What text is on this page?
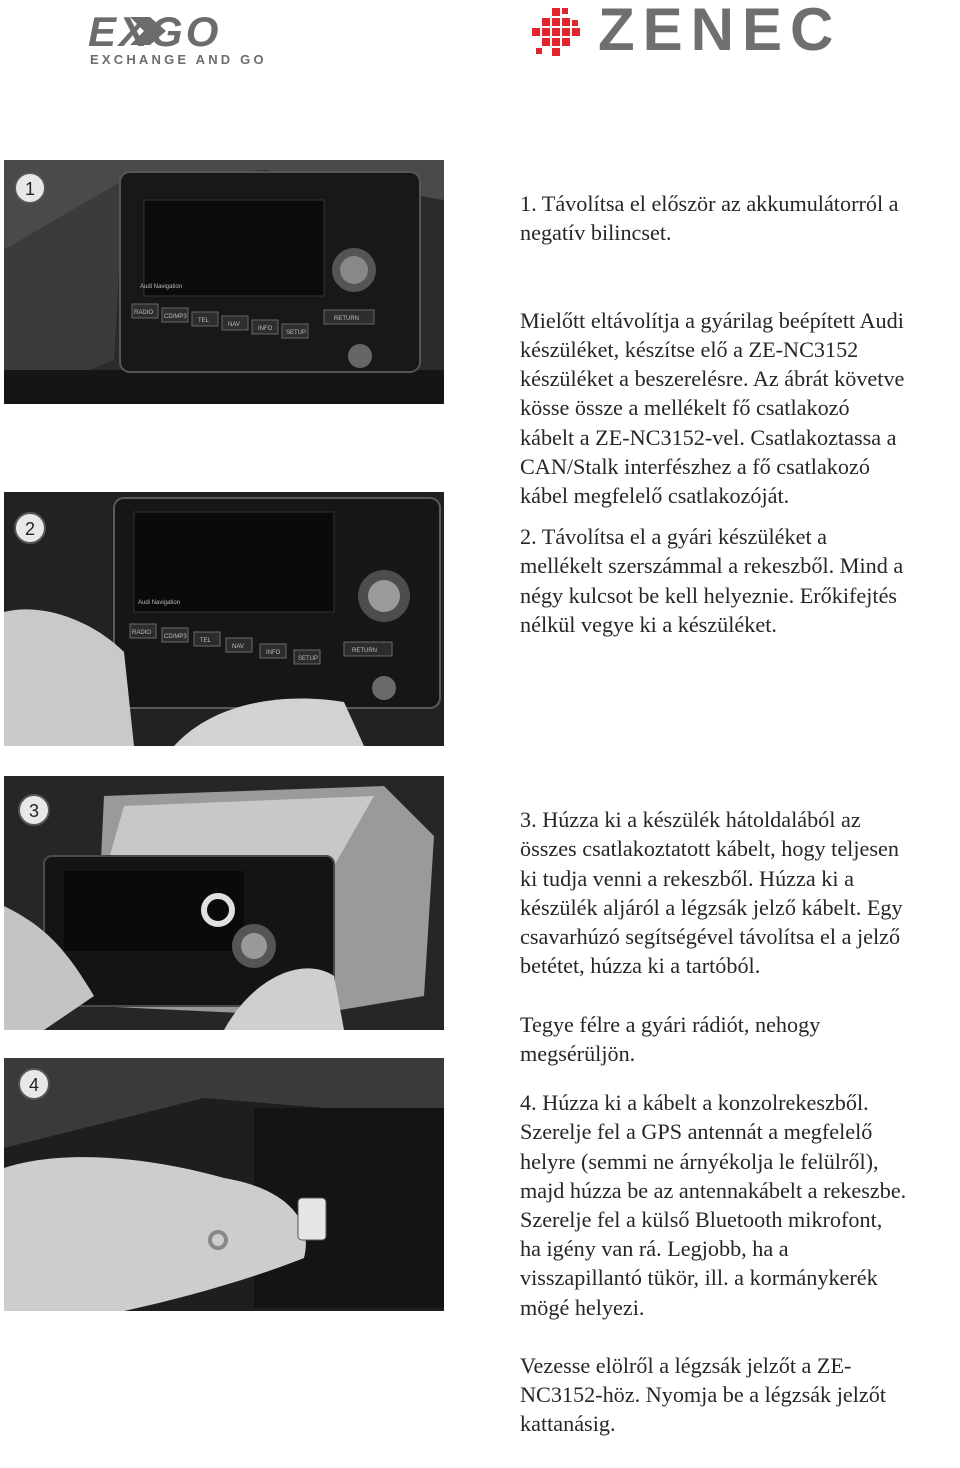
EXGO
EXCHANGE AND GO	ZENEC
Audi Navigation
RADIO
CD/MP3
TEL
NAV
INFO
SETUP
RETURN
1

1. Távolítsa el először az akkumulátorról a
negatív bilincset.

Mielőtt eltávolítja a gyárilag beépített Audi
készüléket, készítse elő a ZE-NC3152
készüléket a beszerelésre. Az ábrát követve
kösse össze a mellékelt fő csatlakozó
kábelt a ZE-NC3152-vel. Csatlakoztassa a
CAN/Stalk interfészhez a fő csatlakozó
kábel megfelelő csatlakozóját.

Audi Navigation
RADIO
CD/MP3
TEL
NAV
INFO
SETUP
RETURN
2	2. Távolítsa el a gyári készüléket a
mellékelt szerszámmal a rekeszből. Mind a
négy kulcsot be kell helyeznie. Erőkifejtés
nélkül vegye ki a készüléket.

3	3. Húzza ki a készülék hátoldalából az
összes csatlakoztatott kábelt, hogy teljesen
ki tudja venni a rekeszből. Húzza ki a
készülék aljáról a légzsák jelző kábelt. Egy
csavarhúzó segítségével távolítsa el a jelző
betétet, húzza ki a tartóból.

Tegye félre a gyári rádiót, nehogy
megsérüljön.

4

4. Húzza ki a kábelt a konzolrekeszből.
Szerelje fel a GPS antennát a megfelelő
helyre (semmi ne árnyékolja le felülről),
majd húzza be az antennakábelt a rekeszbe.
Szerelje fel a külső Bluetooth mikrofont,
ha igény van rá. Legjobb, ha a
visszapillantó tükör, ill. a kormánykerék
mögé helyezi.

Vezesse elölről a légzsák jelzőt a ZE-
NC3152-höz. Nyomja be a légzsák jelzőt
kattanásig.
